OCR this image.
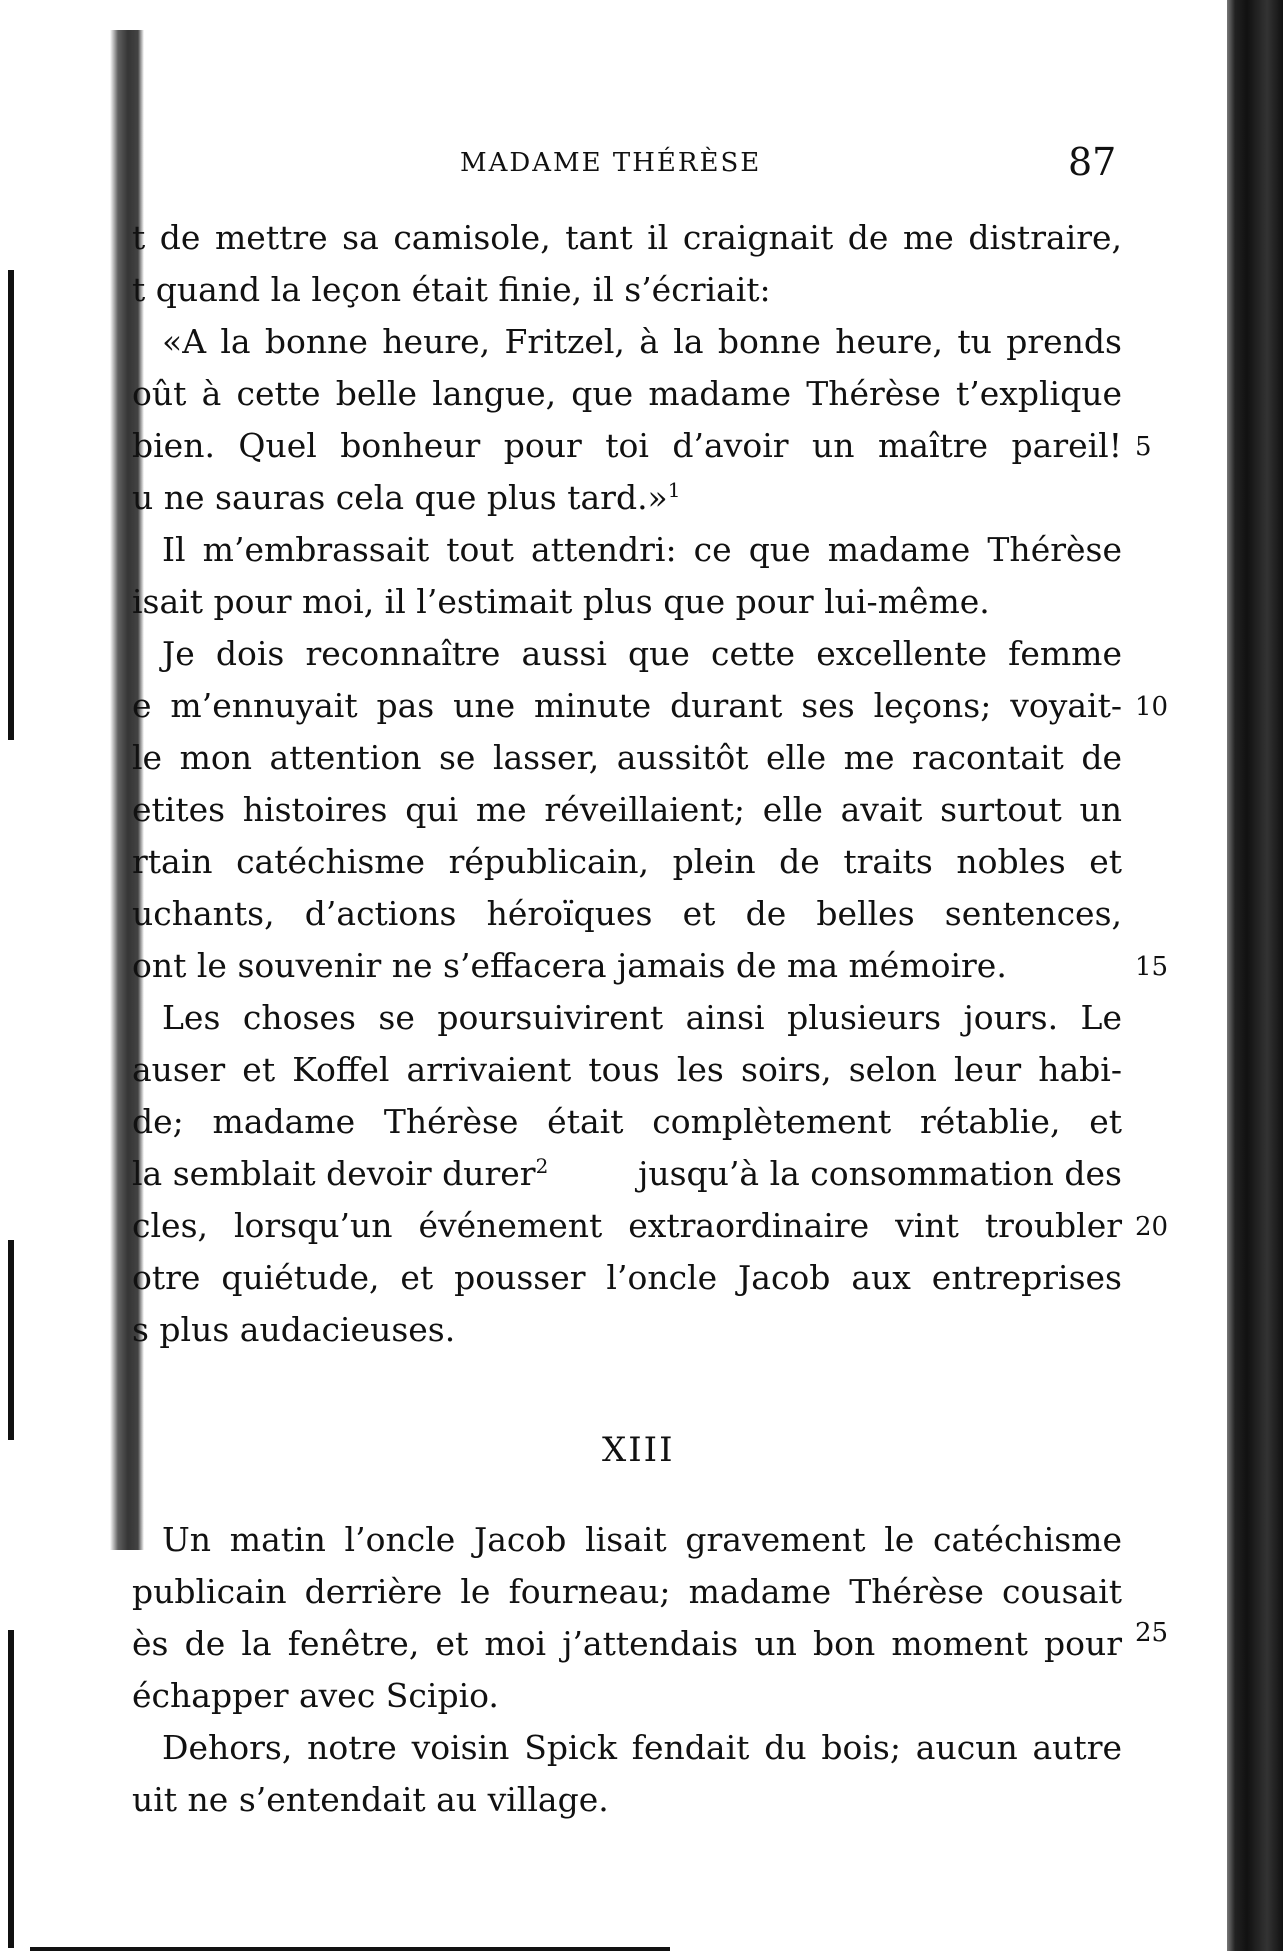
MADAME THÉRÈSE	87
t de mettre sa camisole, tant il craignait de me distraire,
t quand la leçon était finie, il s’écriait:
«A la bonne heure, Fritzel, à la bonne heure, tu prends
oût à cette belle langue, que madame Thérèse t’explique
bien. Quel bonheur pour toi d’avoir un maître pareil!
u ne sauras cela que plus tard.»$^1$
Il m’embrassait tout attendri: ce que madame Thérèse
isait pour moi, il l’estimait plus que pour lui-même.
Je dois reconnaître aussi que cette excellente femme
e m’ennuyait pas une minute durant ses leçons; voyait-
le mon attention se lasser, aussitôt elle me racontait de
etites histoires qui me réveillaient; elle avait surtout un
rtain catéchisme républicain, plein de traits nobles et
uchants, d’actions héroïques et de belles sentences,
ont le souvenir ne s’effacera jamais de ma mémoire.
Les choses se poursuivirent ainsi plusieurs jours. Le
auser et Koffel arrivaient tous les soirs, selon leur habi-
de; madame Thérèse était complètement rétablie, et
la semblait devoir durer$^2$	jusqu’à la consommation des
cles, lorsqu’un événement extraordinaire vint troubler
otre quiétude, et pousser l’oncle Jacob aux entreprises
s plus audacieuses.
5
10
15
20
25
XIII
Un matin l’oncle Jacob lisait gravement le catéchisme
publicain derrière le fourneau; madame Thérèse cousait
ès de la fenêtre, et moi j’attendais un bon moment pour
échapper avec Scipio.
Dehors, notre voisin Spick fendait du bois; aucun autre
uit ne s’entendait au village.
